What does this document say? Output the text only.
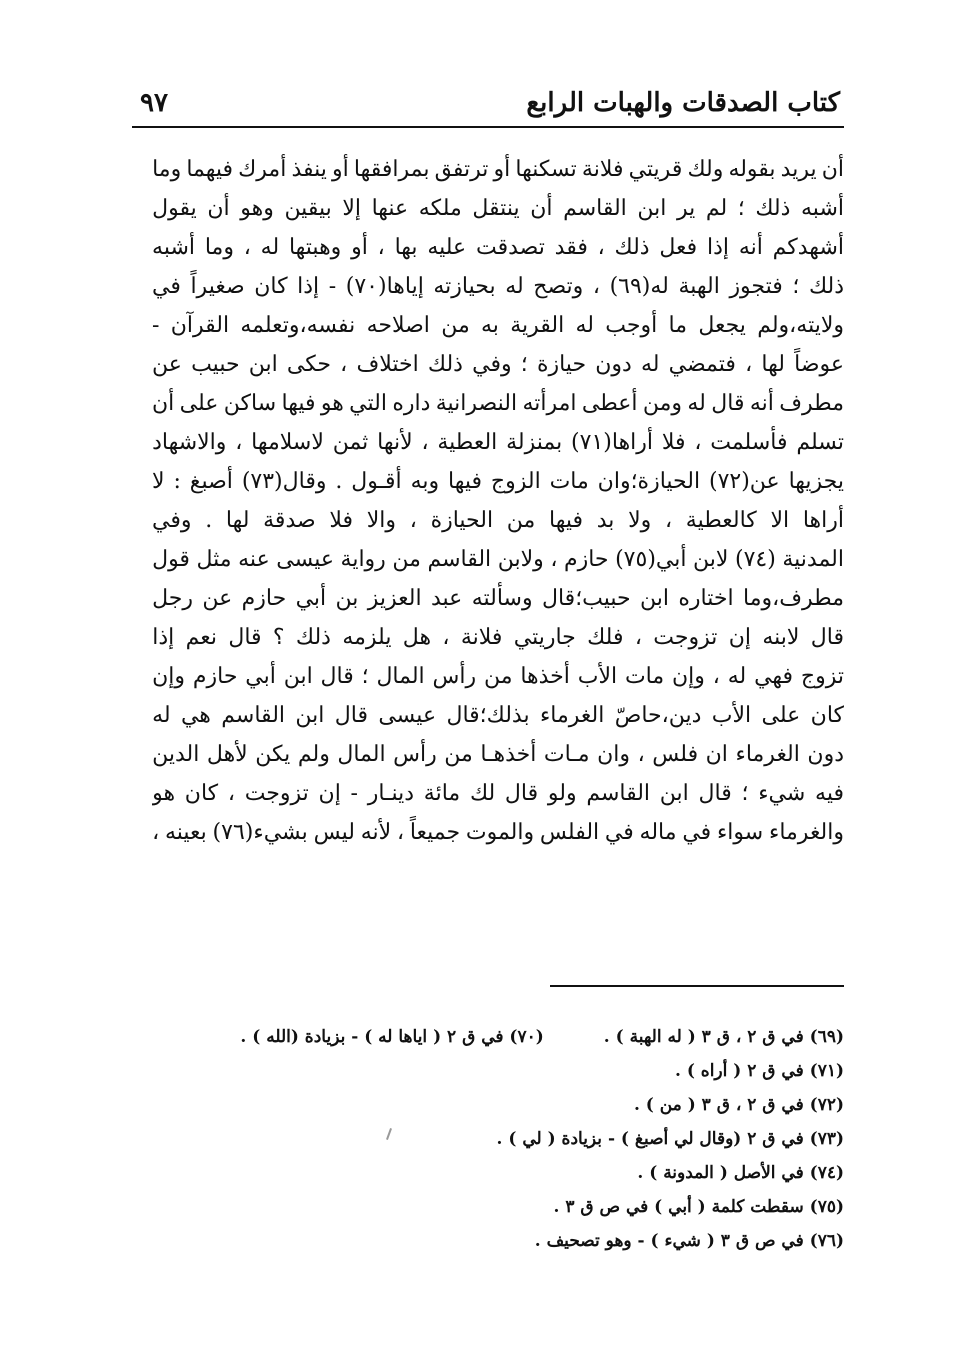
كتاب الصدقات والهبات الرابع
٩٧
أن
يريد
بقوله
ولك
قريتي
فلانة
تسكنها
أو
ترتفق
بمرافقها
أو
ينفذ
أمرك
فيهما
وما
أشبه
ذلك
؛
لم
ير
ابن
القاسم
أن
ينتقل
ملكه
عنها
إلا
بيقين
وهو
أن
يقول
أشهدكم
أنه
إذا
فعل
ذلك
،
فقد
تصدقت
عليه
بها
،
أو
وهبتها
له
،
وما
أشبه
ذلك
؛
فتجوز
الهبة
له(٦٩)
،
وتصح
له
بحيازته
إياها(٧٠)
-
إذا
كان
صغيراً
في
ولايته،ولم
يجعل
ما
أوجب
له
القرية
به
من
اصلاحه
نفسه،وتعلمه
القرآن
-
عوضاً
لها
،
فتمضي
له
دون
حيازة
؛
وفي
ذلك
اختلاف
،
حكى
ابن
حبيب
عن
مطرف
أنه
قال
له
ومن
أعطى
امرأته
النصرانية
داره
التي
هو
فيها
ساكن
على
أن
تسلم
فأسلمت
،
فلا
أراها(٧١)
بمنزلة
العطية
،
لأنها
ثمن
لاسلامها
،
والاشهاد
يجزيها
عن(٧٢)
الحيازة؛وان
مات
الزوج
فيها
وبه
أقـول
.
وقال(٧٣)
أصبغ
:
لا
أراها
الا
كالعطية
،
ولا
بد
فيها
من
الحيازة
،
والا
فلا
صدقة
لها
.
وفي
المدنية
(٧٤)
لابن
أبي(٧٥)
حازم
،
ولابن
القاسم
من
رواية
عيسى
عنه
مثل
قول
مطرف،وما
اختاره
ابن
حبيب؛قال
وسألته
عبد
العزيز
بن
أبي
حازم
عن
رجل
قال
لابنه
إن
تزوجت
،
فلك
جاريتي
فلانة
،
هل
يلزمه
ذلك
؟
قال
نعم
إذا
تزوج
فهي
له
،
وإن
مات
الأب
أخذها
من
رأس
المال
؛
قال
ابن
أبي
حازم
وإن
كان
على
الأب
دين،حاصّ
الغرماء
بذلك؛قال
عيسى
قال
ابن
القاسم
هي
له
دون
الغرماء
ان
فلس
،
وان
مـات
أخذهـا
من
رأس
المال
ولم
يكن
لأهل
الدين
فيه
شيء
؛
قال
ابن
القاسم
ولو
قال
لك
مائة
دينـار
-
إن
تزوجت
،
كان
هو
والغرماء
سواء
في
ماله
في
الفلس
والموت
جميعاً
،
لأنه
ليس
بشيء(٧٦)
بعينه
،
(٦٩) في ق ٢ ، ق ٣ ( له الهبة ) .
(٧٠) في ق ٢ ( اياها له ) - بزيادة (الله ) .
(٧١) في ق ٢ ( أراه ) .
(٧٢) في ق ٢ ، ق ٣ ( من ) .
(٧٣) في ق ٢ (وقال لي أصبغ ) - بزيادة ( لي ) .
(٧٤) في الأصل ( المدونة ) .
(٧٥) سقطت كلمة ( أبي ) في ص ق ٣ .
(٧٦) في ص ق ٣ ( شيء ) - وهو تصحيف .
